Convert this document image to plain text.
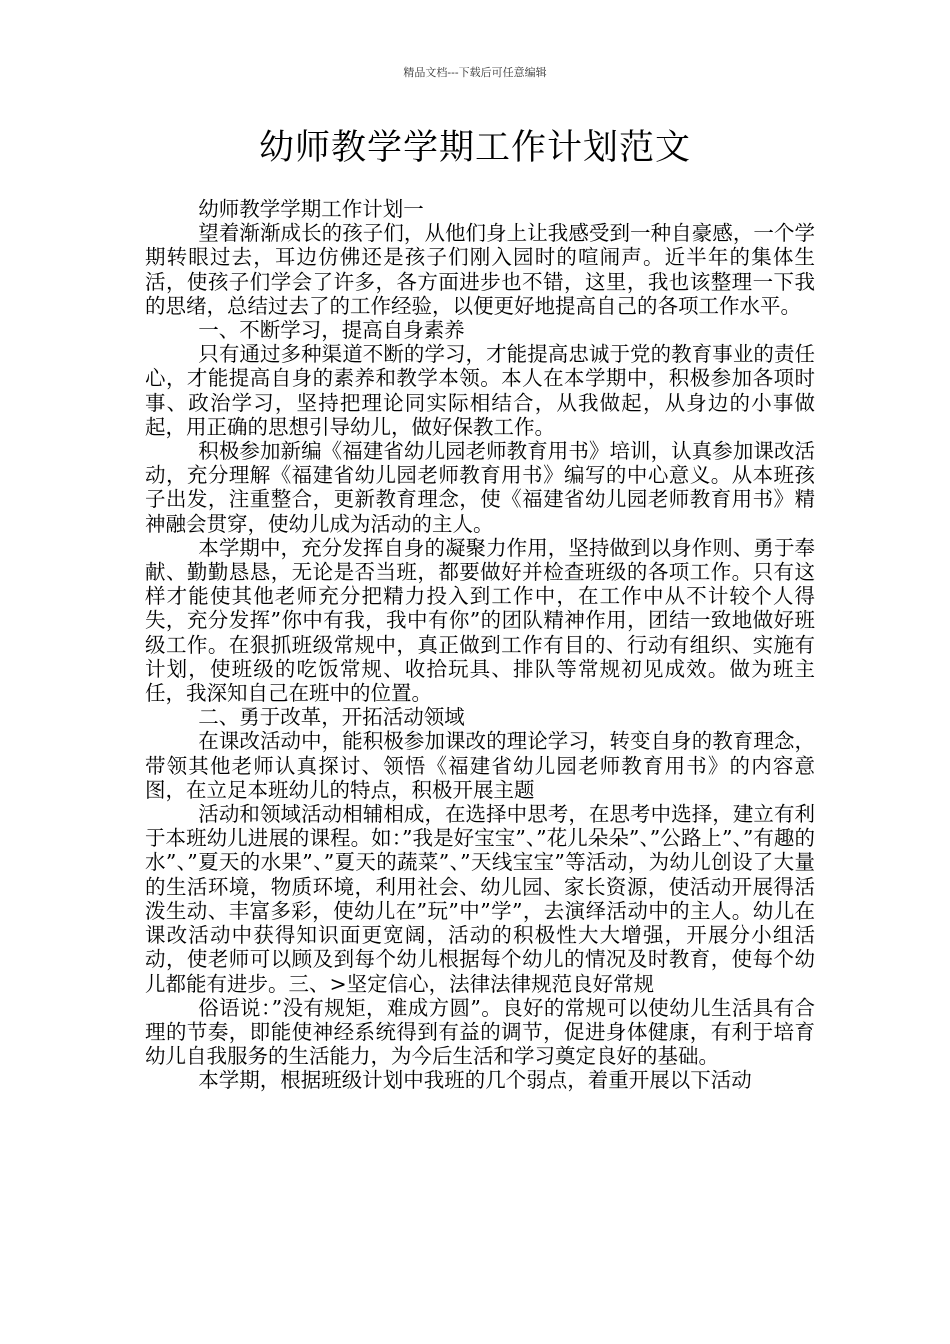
精品文档---下载后可任意编辑
幼师教学学期工作计划范文

幼师教学学期工作计划一

望着渐渐成长的孩子们，从他们身上让我感受到一种自豪感，一个学期转眼过去，耳边仿佛还是孩子们刚入园时的喧闹声。近半年的集体生活，使孩子们学会了许多，各方面进步也不错，这里，我也该整理一下我的思绪，总结过去了的工作经验，以便更好地提高自己的各项工作水平。

一、不断学习，提高自身素养

只有通过多种渠道不断的学习，才能提高忠诚于党的教育事业的责任心，才能提高自身的素养和教学本领。本人在本学期中，积极参加各项时事、政治学习，坚持把理论同实际相结合，从我做起，从身边的小事做起，用正确的思想引导幼儿，做好保教工作。

积极参加新编《福建省幼儿园老师教育用书》培训，认真参加课改活动，充分理解《福建省幼儿园老师教育用书》编写的中心意义。从本班孩子出发，注重整合，更新教育理念，使《福建省幼儿园老师教育用书》精神融会贯穿，使幼儿成为活动的主人。

本学期中，充分发挥自身的凝聚力作用，坚持做到以身作则、勇于奉献、勤勤恳恳，无论是否当班，都要做好并检查班级的各项工作。只有这样才能使其他老师充分把精力投入到工作中，在工作中从不计较个人得失，充分发挥”你中有我，我中有你”的团队精神作用，团结一致地做好班级工作。在狠抓班级常规中，真正做到工作有目的、行动有组织、实施有计划，使班级的吃饭常规、收拾玩具、排队等常规初见成效。做为班主任，我深知自己在班中的位置。

二、勇于改革，开拓活动领域

在课改活动中，能积极参加课改的理论学习，转变自身的教育理念，带领其他老师认真探讨、领悟《福建省幼儿园老师教育用书》的内容意图，在立足本班幼儿的特点，积极开展主题

活动和领域活动相辅相成，在选择中思考，在思考中选择，建立有利于本班幼儿进展的课程。如：”我是好宝宝”、”花儿朵朵”、”公路上”、”有趣的水”、”夏天的水果”、”夏天的蔬菜”、”天线宝宝”等活动，为幼儿创设了大量的生活环境，物质环境，利用社会、幼儿园、家长资源，使活动开展得活泼生动、丰富多彩，使幼儿在”玩”中”学”，去演绎活动中的主人。幼儿在课改活动中获得知识面更宽阔，活动的积极性大大增强，开展分小组活动，使老师可以顾及到每个幼儿根据每个幼儿的情况及时教育，使每个幼儿都能有进步。三、>坚定信心，法律法律规范良好常规

俗语说：”没有规矩，难成方圆”。良好的常规可以使幼儿生活具有合理的节奏，即能使神经系统得到有益的调节，促进身体健康，有利于培育幼儿自我服务的生活能力，为今后生活和学习奠定良好的基础。

本学期，根据班级计划中我班的几个弱点，着重开展以下活动
